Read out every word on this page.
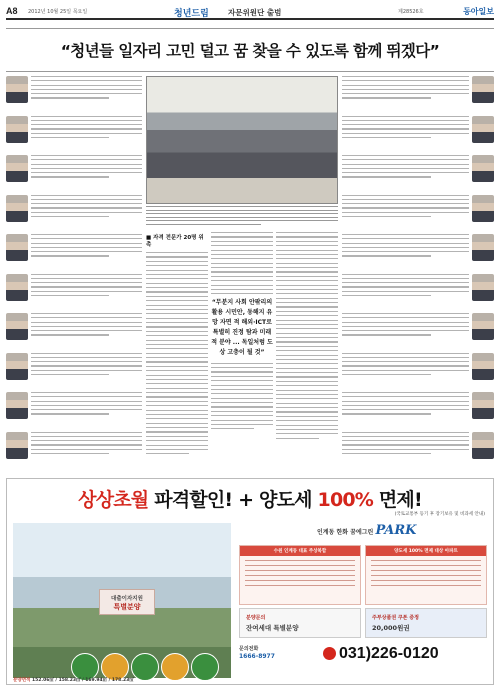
A8 2012년 10월 25일 목요일	청년드림	자문위원단 출범	제28526호	동아일보
“청년들 일자리 고민 덜고 꿈 찾을 수 있도록 함께 뛰겠다”
■ 자격 전문가 20명 위촉
“무분지 사회 안팎리의 활용 시민안, 동해지 유망 자면 적 해외·ICT로 특별히 진정 탐과 미래적 분야 ... 독일처럼 도 상 고충이 될 것”
상상초월 파격할인! + 양도세 100% 면제!
(국토교통부 등기 후 장기보유 및 비과세 안내)
대출이자지원
특별분양
분양면적 152.06㎡ / 158.23㎡ / 169.94㎡ / 178.23㎡
인계동 한화 꿈에그린 PARK
수원 인계동 대표 주상복합	양도세 100% 면제 대상 아파트
분양문의
잔여세대 특별분양
주부상품권 쿠폰 증정
20,000원권
문의전화
1666-8977	031)226-0120
